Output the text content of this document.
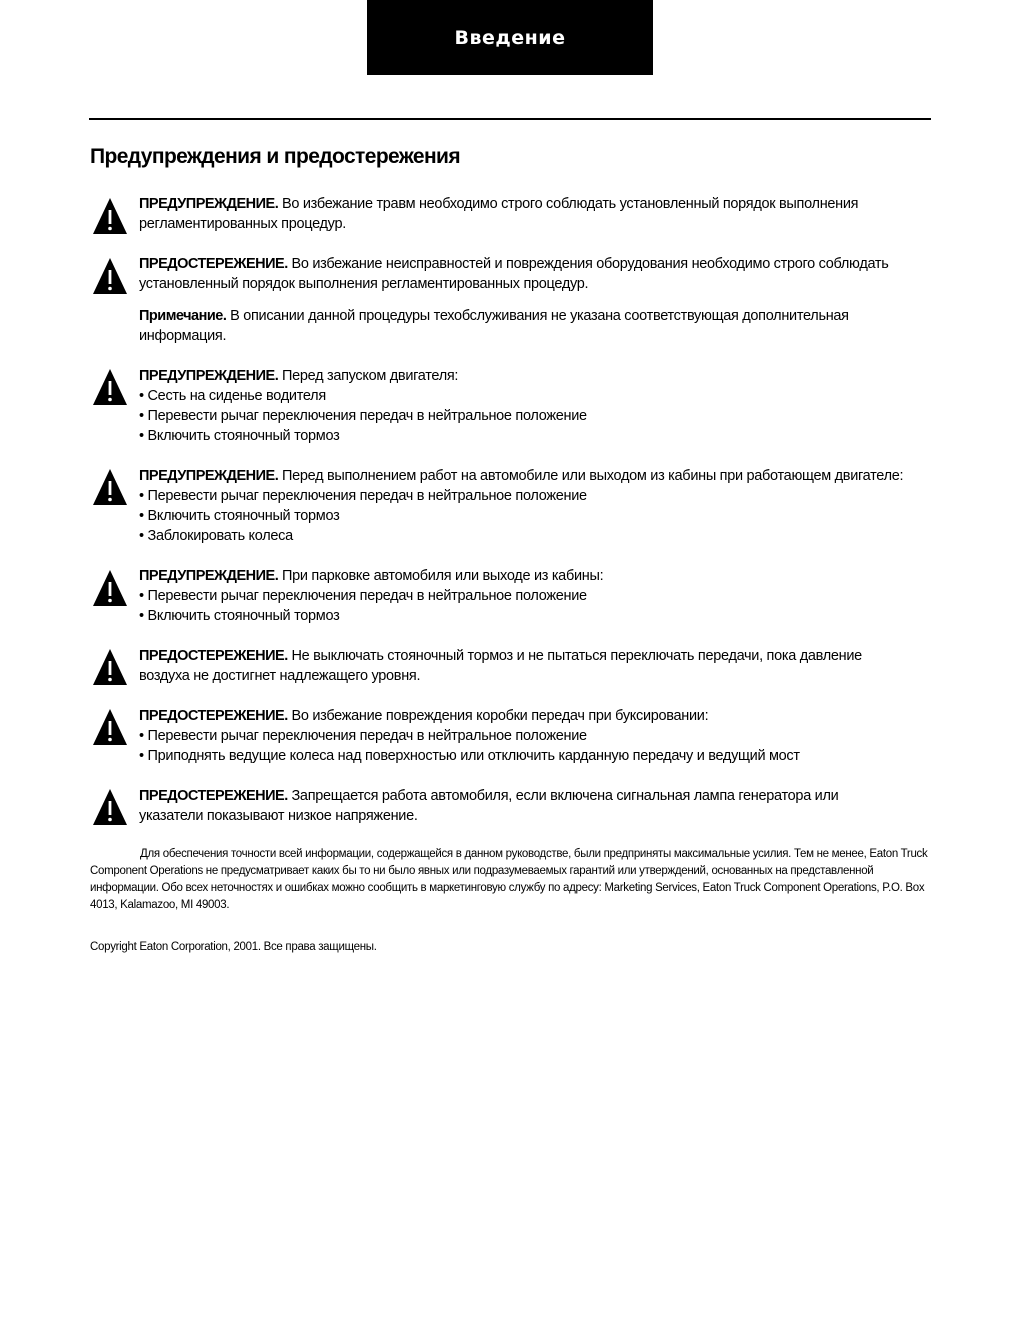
Введение
Предупреждения и предостережения
ПРЕДУПРЕЖДЕНИЕ. Во избежание травм необходимо строго соблюдать установленный порядок выполнения
регламентированных процедур.
ПРЕДОСТЕРЕЖЕНИЕ. Во избежание неисправностей и повреждения оборудования необходимо строго соблюдать
установленный порядок выполнения регламентированных процедур.
Примечание. В описании данной процедуры техобслуживания не указана соответствующая дополнительная
информация.
ПРЕДУПРЕЖДЕНИЕ. Перед запуском двигателя:
• Сесть на сиденье водителя
• Перевести рычаг переключения передач в нейтральное положение
• Включить стояночный тормоз
ПРЕДУПРЕЖДЕНИЕ. Перед выполнением работ на автомобиле или выходом из кабины при работающем двигателе:
• Перевести рычаг переключения передач в нейтральное положение
• Включить стояночный тормоз
• Заблокировать колеса
ПРЕДУПРЕЖДЕНИЕ. При парковке автомобиля или выходе из кабины:
• Перевести рычаг переключения передач в нейтральное положение
• Включить стояночный тормоз
ПРЕДОСТЕРЕЖЕНИЕ. Не выключать стояночный тормоз и не пытаться переключать передачи, пока давление
воздуха не достигнет надлежащего уровня.
ПРЕДОСТЕРЕЖЕНИЕ. Во избежание повреждения коробки передач при буксировании:
• Перевести рычаг переключения передач в нейтральное положение
• Приподнять ведущие колеса над поверхностью или отключить карданную передачу и ведущий мост
ПРЕДОСТЕРЕЖЕНИЕ. Запрещается работа автомобиля, если включена сигнальная лампа генератора или
указатели показывают низкое напряжение.

Для обеспечения точности всей информации, содержащейся в данном руководстве, были предприняты максимальные усилия. Тем не менее, Eaton Truck Component Operations не предусматривает каких бы то ни было явных или подразумеваемых гарантий или утверждений, основанных на представленной информации. Обо всех неточностях и ошибках можно сообщить в маркетинговую службу по адресу: Marketing Services, Eaton Truck Component Operations, P.O. Box 4013, Kalamazoo, MI 49003.

Copyright Eaton Corporation, 2001. Все права защищены.
